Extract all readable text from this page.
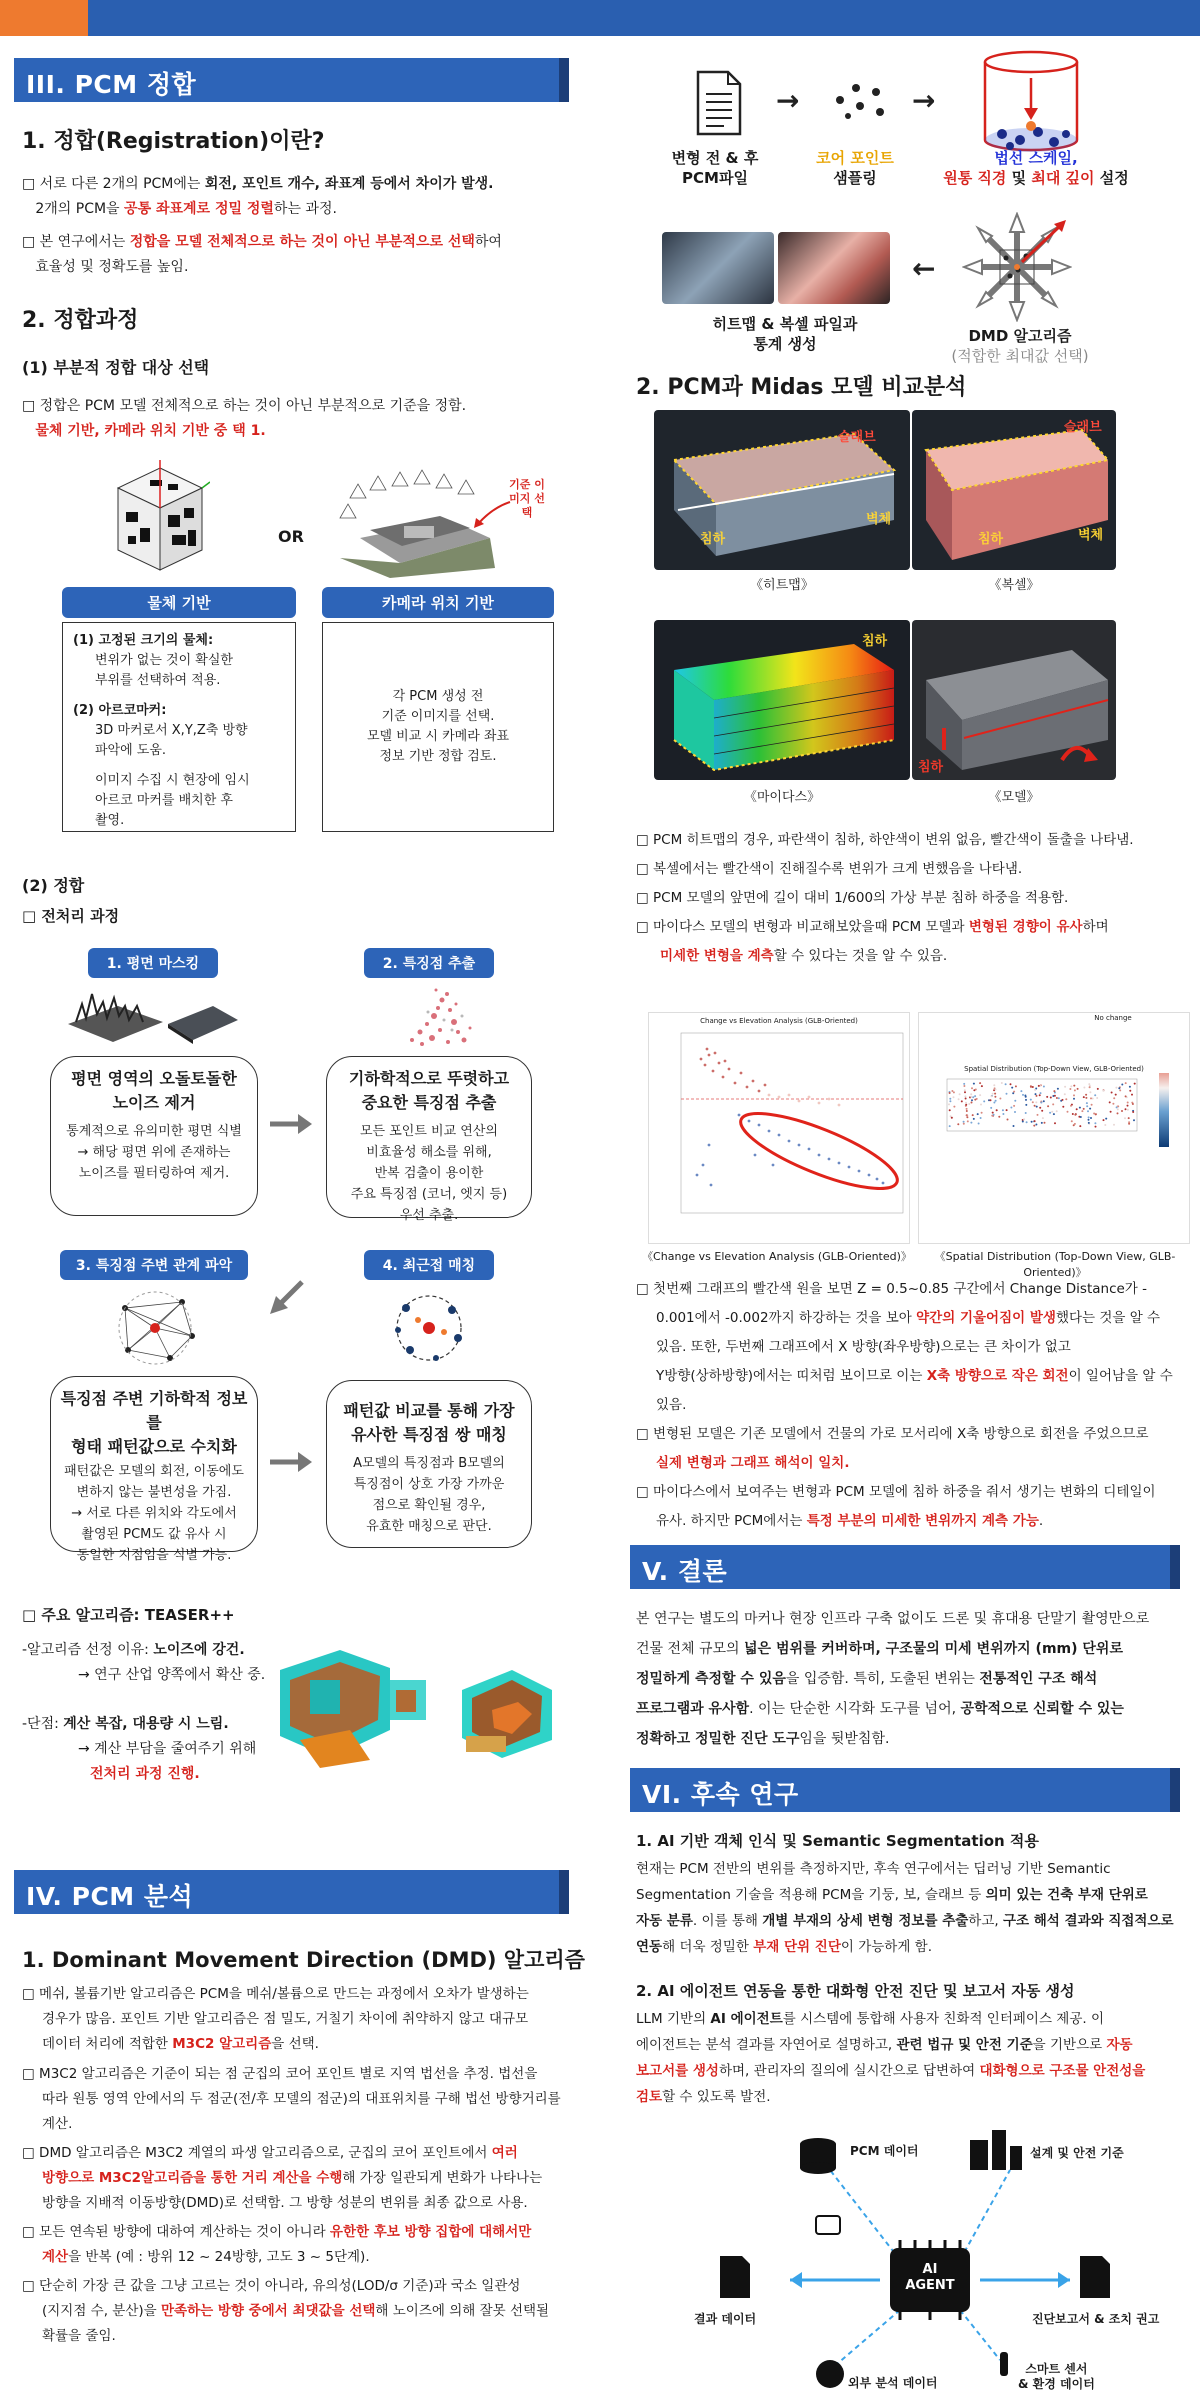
III. PCM 정합
1. 정합(Registration)이란?
□ 서로 다른 2개의 PCM에는 회전, 포인트 개수, 좌표계 등에서 차이가 발생.
2개의 PCM을 공통 좌표계로 정밀 정렬하는 과정.
□ 본 연구에서는 정합을 모델 전체적으로 하는 것이 아닌 부분적으로 선택하여
효율성 및 정확도를 높임.
2. 정합과정
(1) 부분적 정합 대상 선택
□ 정합은 PCM 모델 전체적으로 하는 것이 아닌 부분적으로 기준을 정함.
물체 기반, 카메라 위치 기반 중 택 1.
OR
기준 이미지 선택
물체 기반	카메라 위치 기반
(1) 고정된 크기의 물체:
변위가 없는 것이 확실한
부위를 선택하여 적용.
(2) 아르코마커:
3D 마커로서 X,Y,Z축 방향
파악에 도움.
이미지 수집 시 현장에 임시
아르코 마커를 배치한 후
촬영.
각 PCM 생성 전
기준 이미지를 선택.
모델 비교 시 카메라 좌표
정보 기반 정합 검토.
(2) 정합
□ 전처리 과정
1. 평면 마스킹	2. 특징점 추출
평면 영역의 오돌토돌한
노이즈 제거
통계적으로 유의미한 평면 식별
→ 해당 평면 위에 존재하는
노이즈를 필터링하여 제거.
기하학적으로 뚜렷하고
중요한 특징점 추출
모든 포인트 비교 연산의
비효율성 해소를 위해,
반복 검출이 용이한
주요 특징점 (코너, 엣지 등)
우선 추출.
3. 특징점 주변 관계 파악	4. 최근접 매칭
특징점 주변 기하학적 정보를
형태 패턴값으로 수치화
패턴값은 모델의 회전, 이동에도
변하지 않는 불변성을 가짐.
→ 서로 다른 위치와 각도에서
촬영된 PCM도 값 유사 시
동일한 지점임을 식별 가능.
패턴값 비교를 통해 가장
유사한 특징점 쌍 매칭
A모델의 특징점과 B모델의
특징점이 상호 가장 가까운
점으로 확인될 경우,
유효한 매칭으로 판단.
□ 주요 알고리즘: TEASER++
-알고리즘 선정 이유: 노이즈에 강건.
→ 연구 산업 양쪽에서 확산 중.
-단점: 계산 복잡, 대용량 시 느림.
→ 계산 부담을 줄여주기 위해
전처리 과정 진행.
IV. PCM 분석
1. Dominant Movement Direction (DMD) 알고리즘
□ 메쉬, 볼륨기반 알고리즘은 PCM을 메쉬/볼륨으로 만드는 과정에서 오차가 발생하는
경우가 많음. 포인트 기반 알고리즘은 점 밀도, 거칠기 차이에 취약하지 않고 대규모
데이터 처리에 적합한 M3C2 알고리즘을 선택.
□ M3C2 알고리즘은 기준이 되는 점 군집의 코어 포인트 별로 지역 법선을 추정. 법선을
따라 원통 영역 안에서의 두 점군(전/후 모델의 점군)의 대표위치를 구해 법선 방향거리를
계산.
□ DMD 알고리즘은 M3C2 계열의 파생 알고리즘으로, 군집의 코어 포인트에서 여러
방향으로 M3C2알고리즘을 통한 거리 계산을 수행해 가장 일관되게 변화가 나타나는
방향을 지배적 이동방향(DMD)로 선택함. 그 방향 성분의 변위를 최종 값으로 사용.
□ 모든 연속된 방향에 대하여 계산하는 것이 아니라 유한한 후보 방향 집합에 대해서만
계산을 반복 (예 : 방위 12 ~ 24방향, 고도 3 ~ 5단계).
□ 단순히 가장 큰 값을 그냥 고르는 것이 아니라, 유의성(LOD/σ 기준)과 국소 일관성
(지지점 수, 분산)을 만족하는 방향 중에서 최댓값을 선택해 노이즈에 의해 잘못 선택될
확률을 줄임.
→	→
변형 전 & 후
PCM파일
코어 포인트
샘플링
법선 스케일,
원통 직경 및 최대 깊이 설정
←
히트맵 & 복셀 파일과
통계 생성	DMD 알고리즘
(적합한 최대값 선택)
2. PCM과 Midas 모델 비교분석
슬래브
벽체
침하
《히트맵》
슬래브
침하	벽체
《복셀》
침하
《마이다스》
침하
《모델》
□ PCM 히트맵의 경우, 파란색이 침하, 하얀색이 변위 없음, 빨간색이 돌출을 나타냄.
□ 복셀에서는 빨간색이 진해질수록 변위가 크게 변했음을 나타냄.
□ PCM 모델의 앞면에 길이 대비 1/600의 가상 부분 침하 하중을 적용함.
□ 마이다스 모델의 변형과 비교해보았을때 PCM 모델과 변형된 경향이 유사하며
미세한 변형을 계측할 수 있다는 것을 알 수 있음.
Change vs Elevation Analysis (GLB-Oriented)	No change
Spatial Distribution (Top-Down View, GLB-Oriented)
《Change vs Elevation Analysis (GLB-Oriented)》	《Spatial Distribution (Top-Down View, GLB-Oriented)》
□ 첫번째 그래프의 빨간색 원을 보면 Z = 0.5~0.85 구간에서 Change Distance가 -
0.001에서 -0.002까지 하강하는 것을 보아 약간의 기울어짐이 발생했다는 것을 알 수
있음. 또한, 두번째 그래프에서 X 방향(좌우방향)으로는 큰 차이가 없고
Y방향(상하방향)에서는 띠처럼 보이므로 이는 X축 방향으로 작은 회전이 일어남을 알 수
있음.
□ 변형된 모델은 기존 모델에서 건물의 가로 모서리에 X축 방향으로 회전을 주었으므로
실제 변형과 그래프 해석이 일치.
□ 마이다스에서 보여주는 변형과 PCM 모델에 침하 하중을 줘서 생기는 변화의 디테일이
유사. 하지만 PCM에서는 특정 부분의 미세한 변위까지 계측 가능.
V. 결론
본 연구는 별도의 마커나 현장 인프라 구축 없이도 드론 및 휴대용 단말기 촬영만으로
건물 전체 규모의 넓은 범위를 커버하며, 구조물의 미세 변위까지 (mm) 단위로
정밀하게 측정할 수 있음을 입증함. 특히, 도출된 변위는 전통적인 구조 해석
프로그램과 유사함. 이는 단순한 시각화 도구를 넘어, 공학적으로 신뢰할 수 있는
정확하고 정밀한 진단 도구임을 뒷받침함.
VI. 후속 연구
1. AI 기반 객체 인식 및 Semantic Segmentation 적용
현재는 PCM 전반의 변위를 측정하지만, 후속 연구에서는 딥러닝 기반 Semantic
Segmentation 기술을 적용해 PCM을 기둥, 보, 슬래브 등 의미 있는 건축 부재 단위로
자동 분류. 이를 통해 개별 부재의 상세 변형 정보를 추출하고, 구조 해석 결과와 직접적으로
연동해 더욱 정밀한 부재 단위 진단이 가능하게 함.
2. AI 에이전트 연동을 통한 대화형 안전 진단 및 보고서 자동 생성
LLM 기반의 AI 에이전트를 시스템에 통합해 사용자 친화적 인터페이스 제공. 이
에이전트는 분석 결과를 자연어로 설명하고, 관련 법규 및 안전 기준을 기반으로 자동
보고서를 생성하며, 관리자의 질의에 실시간으로 답변하여 대화형으로 구조물 안전성을
검토할 수 있도록 발전.
AI
AGENT
PCM 데이터	설계 및 안전 기준
결과 데이터	진단보고서 & 조치 권고
외부 분석 데이터
스마트 센서
& 환경 데이터
